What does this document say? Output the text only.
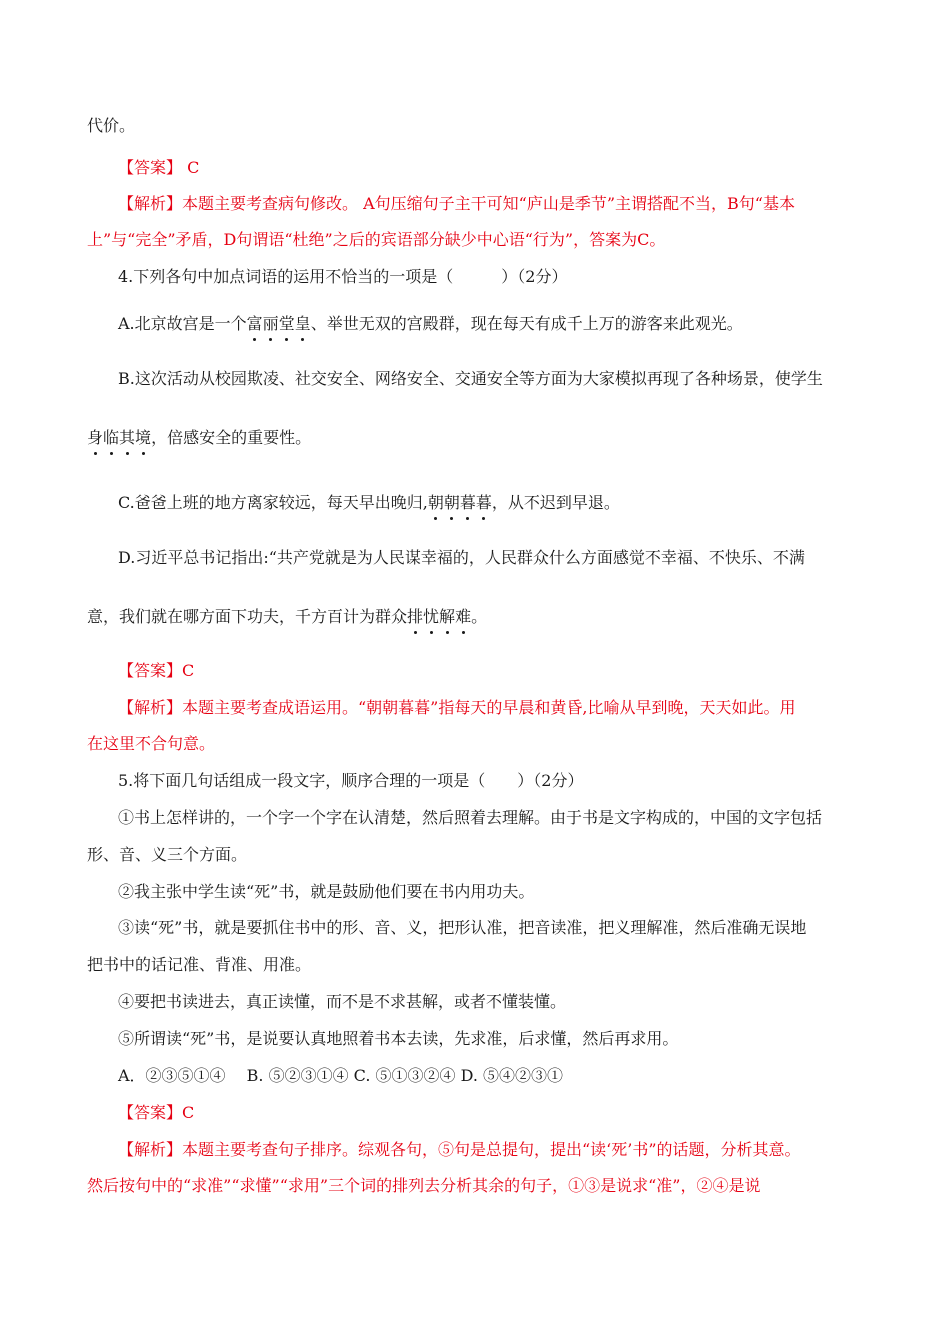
代价。
【答案】 C
【解析】本题主要考查病句修改。 A句压缩句子主干可知“庐山是季节”主谓搭配不当，B句“基本
上”与“完全”矛盾，D句谓语“杜绝”之后的宾语部分缺少中心语“行为”，答案为C。
4.下列各句中加点词语的运用不恰当的一项是（　　　）（2分）
A.北京故宫是一个富丽堂皇、举世无双的宫殿群，现在每天有成千上万的游客来此观光。
B.这次活动从校园欺凌、社交安全、网络安全、交通安全等方面为大家模拟再现了各种场景，使学生
身临其境，倍感安全的重要性。
C.爸爸上班的地方离家较远，每天早出晚归,朝朝暮暮，从不迟到早退。
D.习近平总书记指出:“共产党就是为人民谋幸福的，人民群众什么方面感觉不幸福、不快乐、不满
意，我们就在哪方面下功夫，千方百计为群众排忧解难。
【答案】C
【解析】本题主要考查成语运用。“朝朝暮暮”指每天的早晨和黄昏,比喻从早到晚，天天如此。用
在这里不合句意。
5.将下面几句话组成一段文字，顺序合理的一项是（　　）（2分）
①书上怎样讲的，一个字一个字在认清楚，然后照着去理解。由于书是文字构成的，中国的文字包括
形、音、义三个方面。
②我主张中学生读“死”书，就是鼓励他们要在书内用功夫。
③读“死”书，就是要抓住书中的形、音、义，把形认准，把音读准，把义理解准，然后准确无误地
把书中的话记准、背准、用准。
④要把书读进去，真正读懂，而不是不求甚解，或者不懂装懂。
⑤所谓读“死”书，是说要认真地照着书本去读，先求准，后求懂，然后再求用。
A．②③⑤①④　 B. ⑤②③①④ C. ⑤①③②④ D. ⑤④②③①
【答案】C
【解析】本题主要考查句子排序。综观各句，⑤句是总提句，提出“读‘死’书”的话题，分析其意。
然后按句中的“求准”“求懂”“求用”三个词的排列去分析其余的句子，①③是说求“准”，②④是说
